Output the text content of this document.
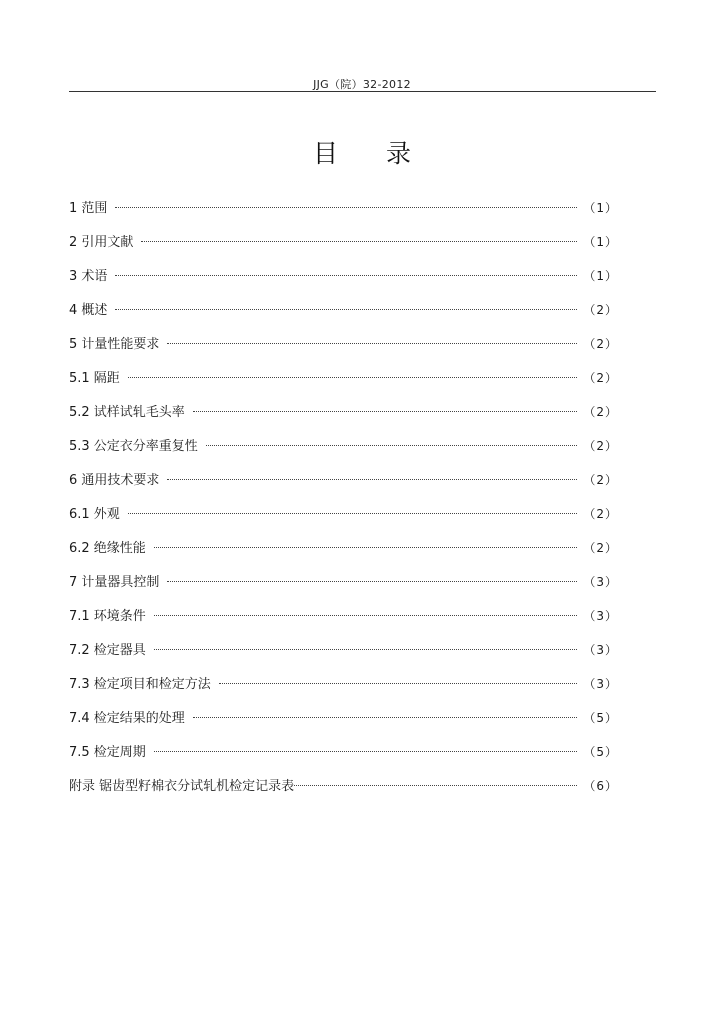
JJG（院）32-2012
目 录
1 范围	（1）
2 引用文献	（1）
3 术语	（1）
4 概述	（2）
5 计量性能要求	（2）
5.1 隔距	（2）
5.2 试样试轧毛头率	（2）
5.3 公定衣分率重复性	（2）
6 通用技术要求	（2）
6.1 外观	（2）
6.2 绝缘性能	（2）
7 计量器具控制	（3）
7.1 环境条件	（3）
7.2 检定器具	（3）
7.3 检定项目和检定方法	（3）
7.4 检定结果的处理	（5）
7.5 检定周期	（5）
附录 锯齿型籽棉衣分试轧机检定记录表	（6）
